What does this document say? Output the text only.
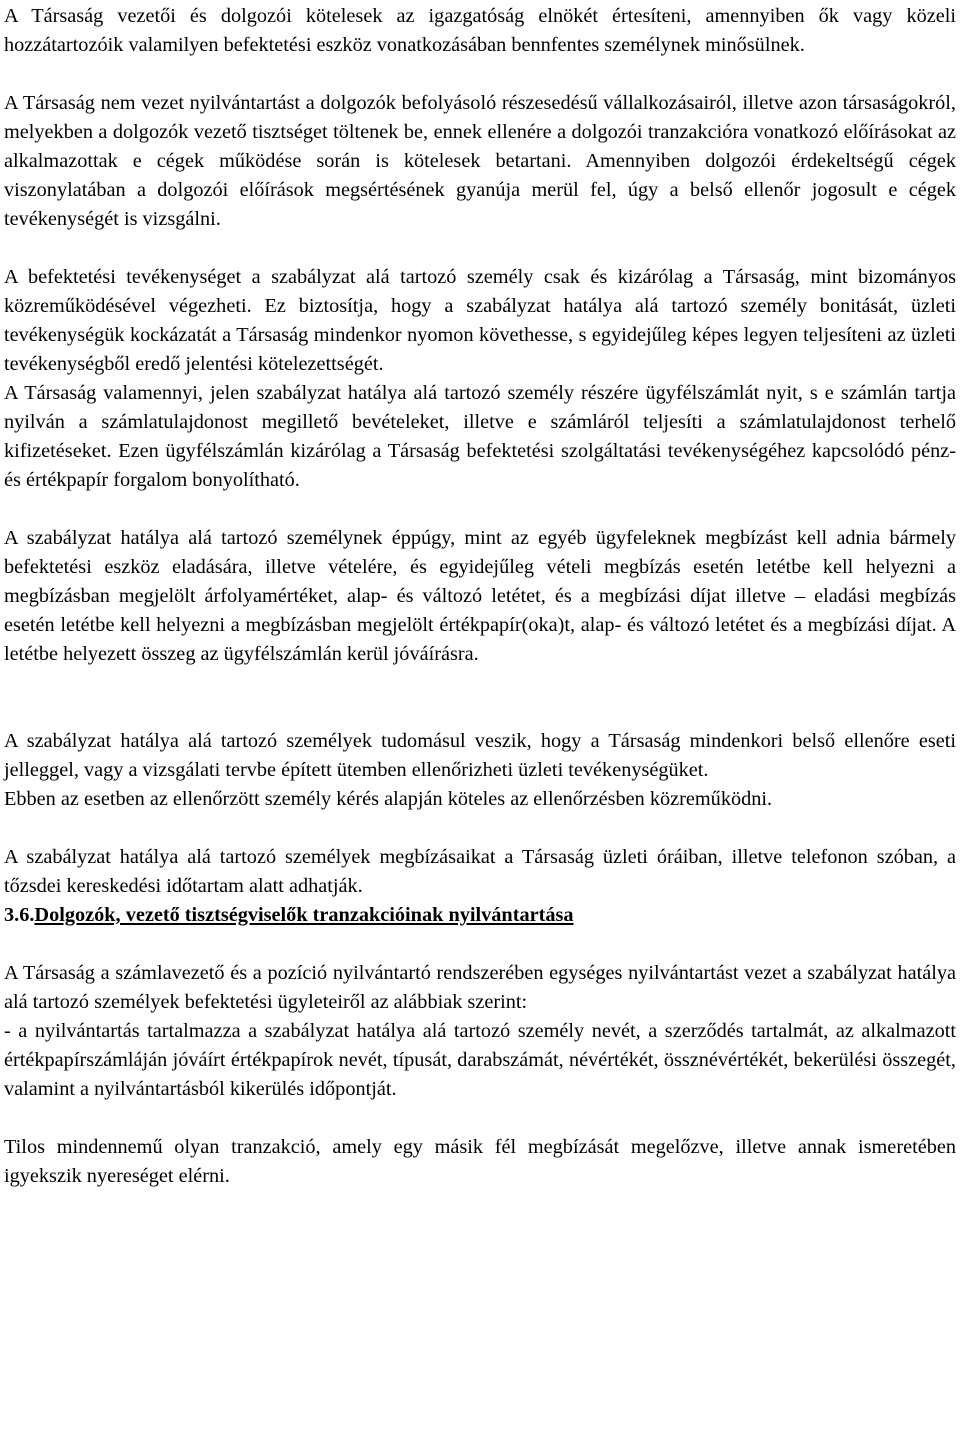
A Társaság vezetői és dolgozói kötelesek az igazgatóság elnökét értesíteni, amennyiben ők vagy közeli hozzátartozóik valamilyen befektetési eszköz vonatkozásában bennfentes személynek minősülnek.

A Társaság nem vezet nyilvántartást a dolgozók befolyásoló részesedésű vállalkozásairól, illetve azon társaságokról, melyekben a dolgozók vezető tisztséget töltenek be, ennek ellenére a dolgozói tranzakcióra vonatkozó előírásokat az alkalmazottak e cégek működése során is kötelesek betartani. Amennyiben dolgozói érdekeltségű cégek viszonylatában a dolgozói előírások megsértésének gyanúja merül fel, úgy a belső ellenőr jogosult e cégek tevékenységét is vizsgálni.

A befektetési tevékenységet a szabályzat alá tartozó személy csak és kizárólag a Társaság, mint bizományos közreműködésével végezheti. Ez biztosítja, hogy a szabályzat hatálya alá tartozó személy bonitását, üzleti tevékenységük kockázatát a Társaság mindenkor nyomon követhesse, s egyidejűleg képes legyen teljesíteni az üzleti tevékenységből eredő jelentési kötelezettségét.

A Társaság valamennyi, jelen szabályzat hatálya alá tartozó személy részére ügyfélszámlát nyit, s e számlán tartja nyilván a számlatulajdonost megillető bevételeket, illetve e számláról teljesíti a számlatulajdonost terhelő kifizetéseket. Ezen ügyfélszámlán kizárólag a Társaság befektetési szolgáltatási tevékenységéhez kapcsolódó pénz- és értékpapír forgalom bonyolítható.

A szabályzat hatálya alá tartozó személynek éppúgy, mint az egyéb ügyfeleknek megbízást kell adnia bármely befektetési eszköz eladására, illetve vételére, és egyidejűleg vételi megbízás esetén letétbe kell helyezni a megbízásban megjelölt árfolyamértéket, alap- és változó letétet, és a megbízási díjat illetve – eladási megbízás esetén letétbe kell helyezni a megbízásban megjelölt értékpapír(oka)t, alap- és változó letétet és a megbízási díjat. A letétbe helyezett összeg az ügyfélszámlán kerül jóváírásra.

A szabályzat hatálya alá tartozó személyek tudomásul veszik, hogy a Társaság mindenkori belső ellenőre eseti jelleggel, vagy a vizsgálati tervbe épített ütemben ellenőrizheti üzleti tevékenységüket.

Ebben az esetben az ellenőrzött személy kérés alapján köteles az ellenőrzésben közreműködni.

A szabályzat hatálya alá tartozó személyek megbízásaikat a Társaság üzleti óráiban, illetve telefonon szóban, a tőzsdei kereskedési időtartam alatt adhatják.

3.6. Dolgozók, vezető tisztségviselők tranzakcióinak nyilvántartása

A Társaság a számlavezető és a pozíció nyilvántartó rendszerében egységes nyilvántartást vezet a szabályzat hatálya alá tartozó személyek befektetési ügyleteiről az alábbiak szerint:

- a nyilvántartás tartalmazza a szabályzat hatálya alá tartozó személy nevét, a szerződés tartalmát, az alkalmazott értékpapírszámláján jóváírt értékpapírok nevét, típusát, darabszámát, névértékét, össznévértékét, bekerülési összegét, valamint a nyilvántartásból kikerülés időpontját.

Tilos mindennemű olyan tranzakció, amely egy másik fél megbízását megelőzve, illetve annak ismeretében igyekszik nyereséget elérni.
